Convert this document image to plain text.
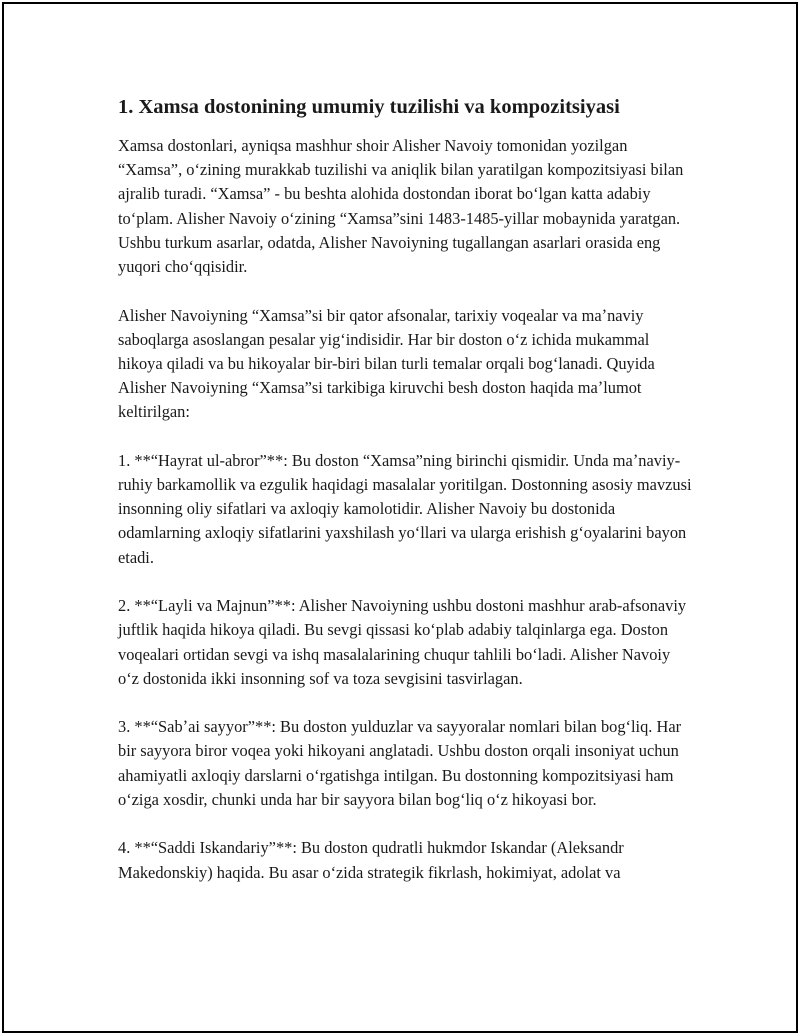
1. Xamsa dostonining umumiy tuzilishi va kompozitsiyasi

Xamsa dostonlari, ayniqsa mashhur shoir Alisher Navoiy tomonidan yozilgan “Xamsa”, oʻzining murakkab tuzilishi va aniqlik bilan yaratilgan kompozitsiyasi bilan ajralib turadi. “Xamsa” - bu beshta alohida dostondan iborat boʻlgan katta adabiy toʻplam. Alisher Navoiy oʻzining “Xamsa”sini 1483-1485-yillar mobaynida yaratgan. Ushbu turkum asarlar, odatda, Alisher Navoiyning tugallangan asarlari orasida eng yuqori choʻqqisidir.

Alisher Navoiyning “Xamsa”si bir qator afsonalar, tarixiy voqealar va maʼnaviy saboqlarga asoslangan pesalar yigʻindisidir. Har bir doston oʻz ichida mukammal hikoya qiladi va bu hikoyalar bir-biri bilan turli temalar orqali bogʻlanadi. Quyida Alisher Navoiyning “Xamsa”si tarkibiga kiruvchi besh doston haqida maʼlumot keltirilgan:

1. **“Hayrat ul-abror”**: Bu doston “Xamsa”ning birinchi qismidir. Unda maʼnaviy-ruhiy barkamollik va ezgulik haqidagi masalalar yoritilgan. Dostonning asosiy mavzusi insonning oliy sifatlari va axloqiy kamolotidir. Alisher Navoiy bu dostonida odamlarning axloqiy sifatlarini yaxshilash yoʻllari va ularga erishish gʻoyalarini bayon etadi.

2. **“Layli va Majnun”**: Alisher Navoiyning ushbu dostoni mashhur arab-afsonaviy juftlik haqida hikoya qiladi. Bu sevgi qissasi koʻplab adabiy talqinlarga ega. Doston voqealari ortidan sevgi va ishq masalalarining chuqur tahlili boʻladi. Alisher Navoiy oʻz dostonida ikki insonning sof va toza sevgisini tasvirlagan.

3. **“Sabʼai sayyor”**: Bu doston yulduzlar va sayyoralar nomlari bilan bogʻliq. Har bir sayyora biror voqea yoki hikoyani anglatadi. Ushbu doston orqali insoniyat uchun ahamiyatli axloqiy darslarni oʻrgatishga intilgan. Bu dostonning kompozitsiyasi ham oʻziga xosdir, chunki unda har bir sayyora bilan bogʻliq oʻz hikoyasi bor.

4. **“Saddi Iskandariy”**: Bu doston qudratli hukmdor Iskandar (Aleksandr Makedonskiy) haqida. Bu asar oʻzida strategik fikrlash, hokimiyat, adolat va
